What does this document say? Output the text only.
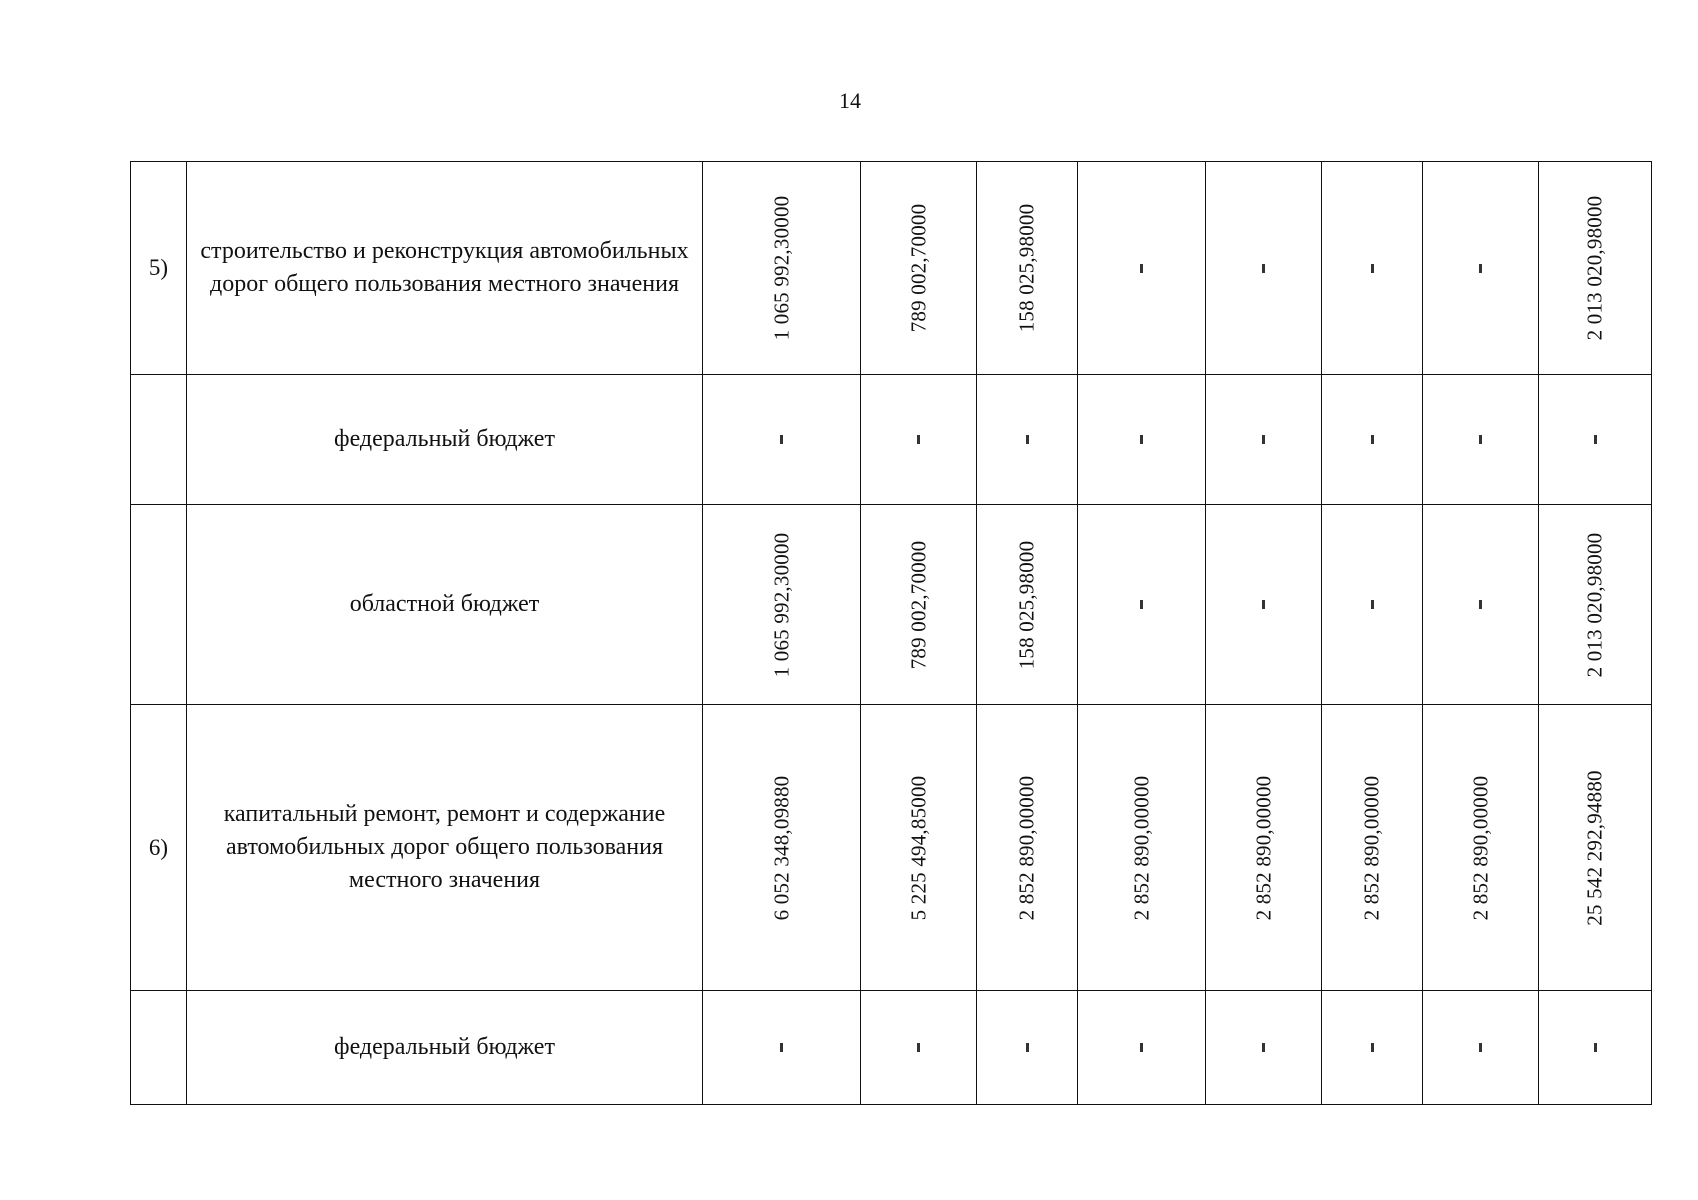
14
5)	строительство и реконструкция автомобильных дорог общего пользования местного значения	1 065 992,30000	789 002,70000	158 025,98000					2 013 020,98000

	федеральный бюджет								
	областной бюджет	1 065 992,30000	789 002,70000	158 025,98000					2 013 020,98000

6)	капитальный ремонт, ремонт и содержание автомобильных дорог общего пользования местного значения	6 052 348,09880	5 225 494,85000	2 852 890,00000	2 852 890,00000	2 852 890,00000	2 852 890,00000	2 852 890,00000	25 542 292,94880

	федеральный бюджет								
